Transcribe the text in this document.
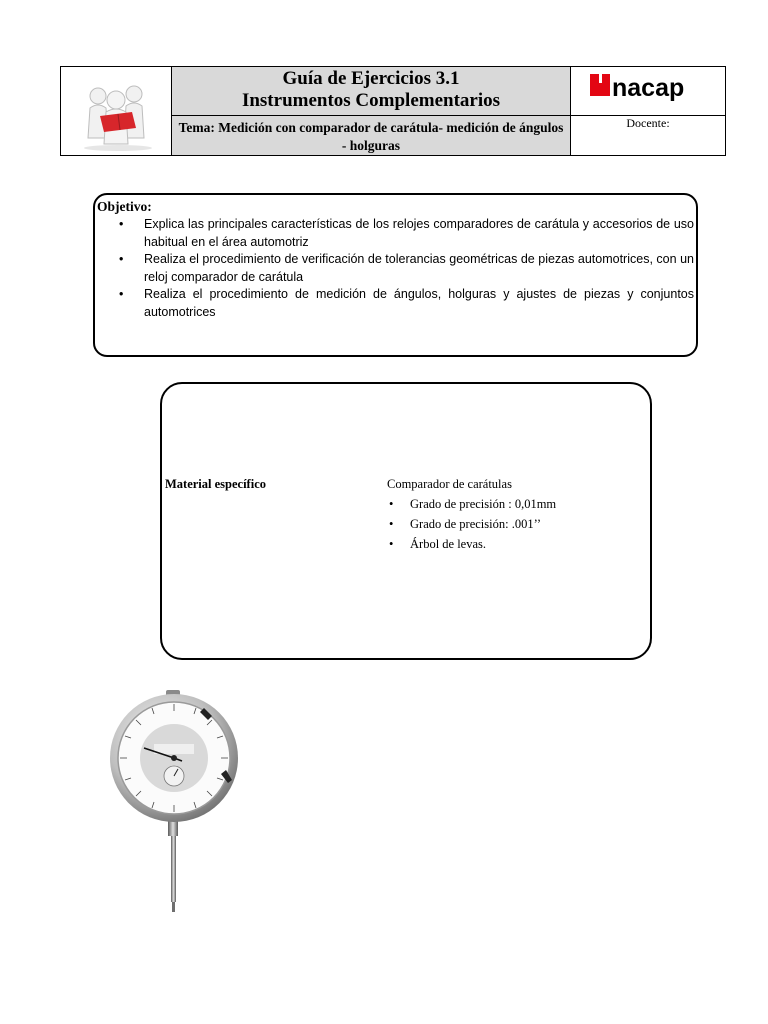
Guía de Ejercicios 3.1
Instrumentos Complementarios
Tema: Medición con comparador de carátula- medición de ángulos - holguras
nacap
Docente:
Objetivo:
• Explica las principales características de los relojes comparadores de carátula y accesorios de uso habitual en el área automotriz
• Realiza el procedimiento de verificación de tolerancias geométricas de piezas automotrices, con un reloj comparador de carátula
• Realiza el procedimiento de medición de ángulos, holguras y ajustes de piezas y conjuntos automotrices
Material específico	Comparador de carátulas
• Grado de precisión : 0,01mm
• Grado de precisión: .001’’
• Árbol de levas.
